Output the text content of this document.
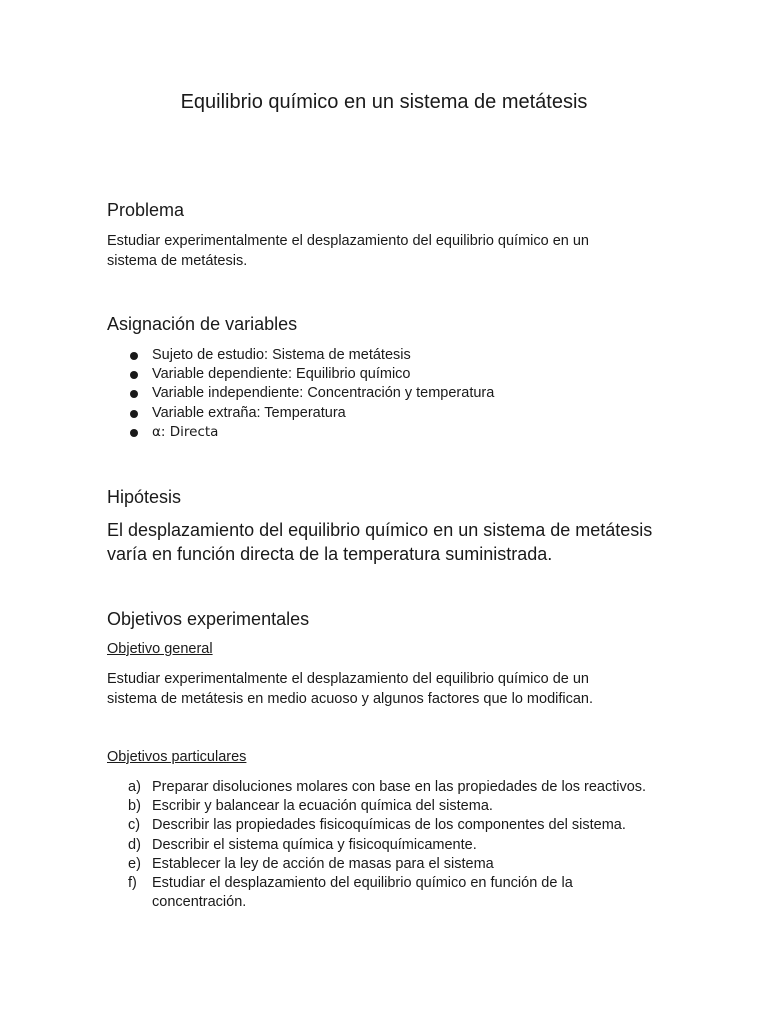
Equilibrio químico en un sistema de metátesis
Problema

Estudiar experimentalmente el desplazamiento del equilibrio químico en un
sistema de metátesis.

Asignación de variables
Sujeto de estudio: Sistema de metátesis
Variable dependiente: Equilibrio químico
Variable independiente: Concentración y temperatura
Variable extraña: Temperatura
α: Directa
Hipótesis

El desplazamiento del equilibrio químico en un sistema de metátesis
varía en función directa de la temperatura suministrada.

Objetivos experimentales

Objetivo general

Estudiar experimentalmente el desplazamiento del equilibrio químico de un
sistema de metátesis en medio acuoso y algunos factores que lo modifican.

Objetivos particulares

a) Preparar disoluciones molares con base en las propiedades de los reactivos.
b) Escribir y balancear la ecuación química del sistema.
c) Describir las propiedades fisicoquímicas de los componentes del sistema.
d) Describir el sistema química y fisicoquímicamente.
e) Establecer la ley de acción de masas para el sistema
f) Estudiar el desplazamiento del equilibrio químico en función de la concentración.
